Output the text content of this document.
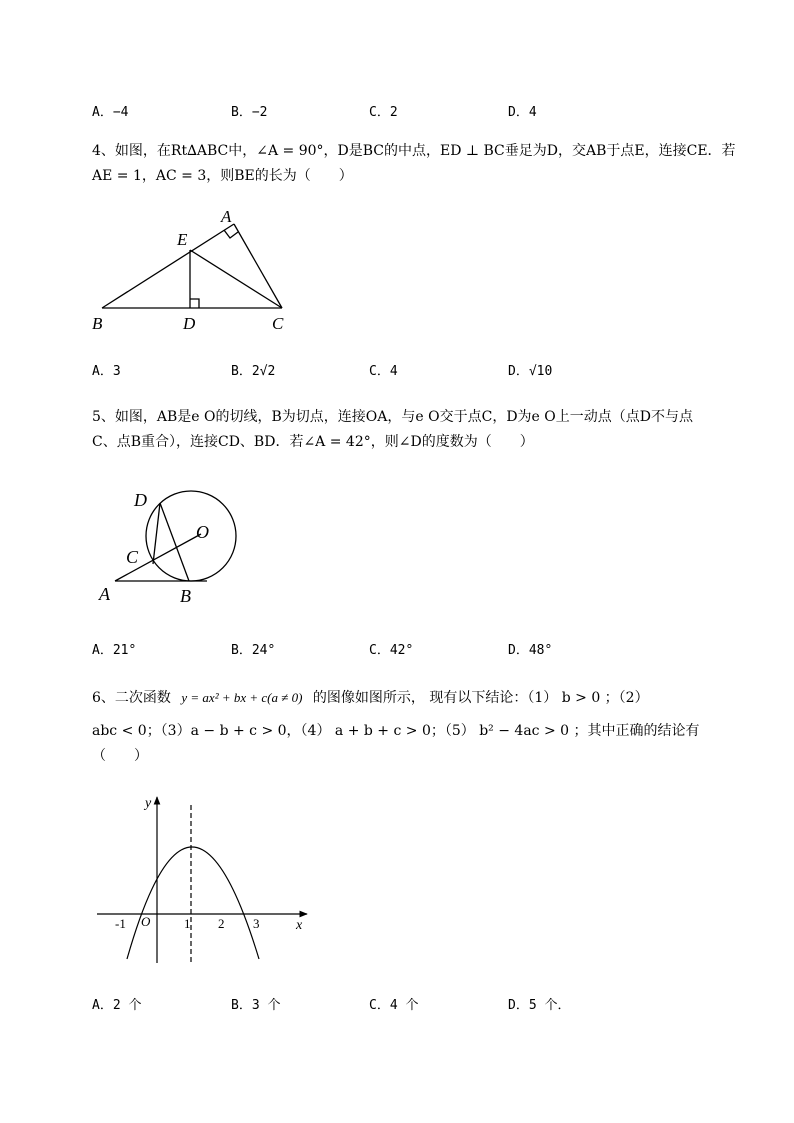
A．−4	B．−2	C．2	D．4
4、如图，在Rt∆ABC中，∠A = 90°，D是BC的中点，ED ⊥ BC垂足为D，交AB于点E，连接CE．若
AE = 1，AC = 3，则BE的长为（　　）
A
E
B	D	C
A．3	B．2√2	C．4	D．√10
5、如图，AB是e O的切线，B为切点，连接OA，与e O交于点C，D为e O上一动点（点D不与点
C、点B重合），连接CD、BD．若∠A = 42°，则∠D的度数为（　　）
D
O
C
A	B
A．21°	B．24°	C．42°	D．48°
6、二次函数 y = ax² + bx + c(a ≠ 0) 的图像如图所示， 现有以下结论：（1） b > 0 ；（2）
abc < 0；（3）a − b + c > 0，（4） a + b + c > 0；（5） b² − 4ac > 0 ；其中正确的结论有
（　　）
y
x
O
-1	1 2 3
A．2 个	B．3 个	C．4 个	D．5 个．
